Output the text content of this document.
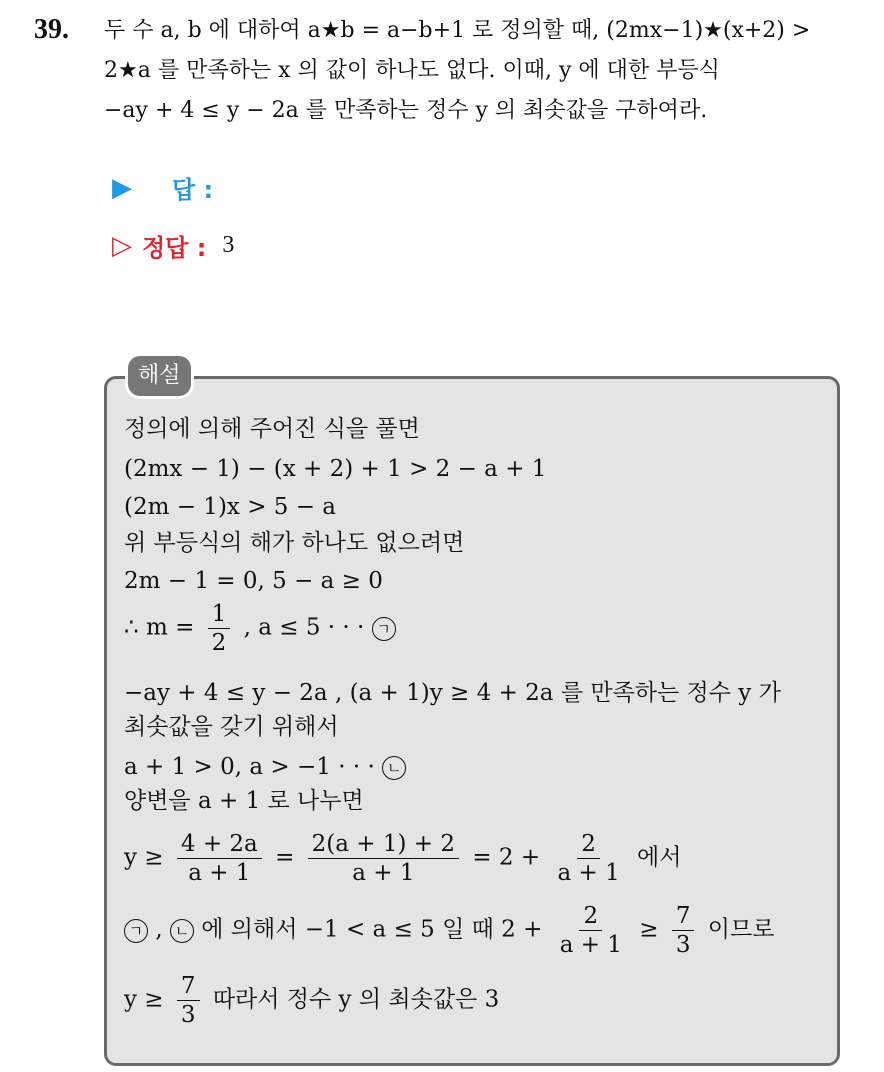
39. 두 수 a, b 에 대하여 a★b = a−b+1 로 정의할 때, (2mx−1)★(x+2) >
2★a 를 만족하는 x 의 값이 하나도 없다. 이때, y 에 대한 부등식
−ay + 4 ≤ y − 2a 를 만족하는 정수 y 의 최솟값을 구하여라.
▶	답 :
▷ 정답 : 3
해설
정의에 의해 주어진 식을 풀면
(2mx − 1) − (x + 2) + 1 > 2 − a + 1
(2m − 1)x > 5 − a
위 부등식의 해가 하나도 없으려면
2m − 1 = 0, 5 − a ≥ 0
∴ $m = \frac{1}{2}$ , a ≤ 5 · · · ㄱ
−ay + 4 ≤ y − 2a , (a + 1)y ≥ 4 + 2a 를 만족하는 정수 y 가
최솟값을 갖기 위해서
a + 1 > 0, a > −1 · · · ㄴ
양변을 a + 1 로 나누면
$y \ge \frac{4 + 2a}{a + 1} = \frac{2(a + 1) + 2}{a + 1} = 2 + \frac{2}{a + 1}$ 에서
ㄱ , ㄴ 에 의해서 −1 < a ≤ 5 일 때 $2 + \frac{2}{a + 1} \ge \frac{7}{3}$ 이므로
$y \ge \frac{7}{3}$ 따라서 정수 y 의 최솟값은 3
